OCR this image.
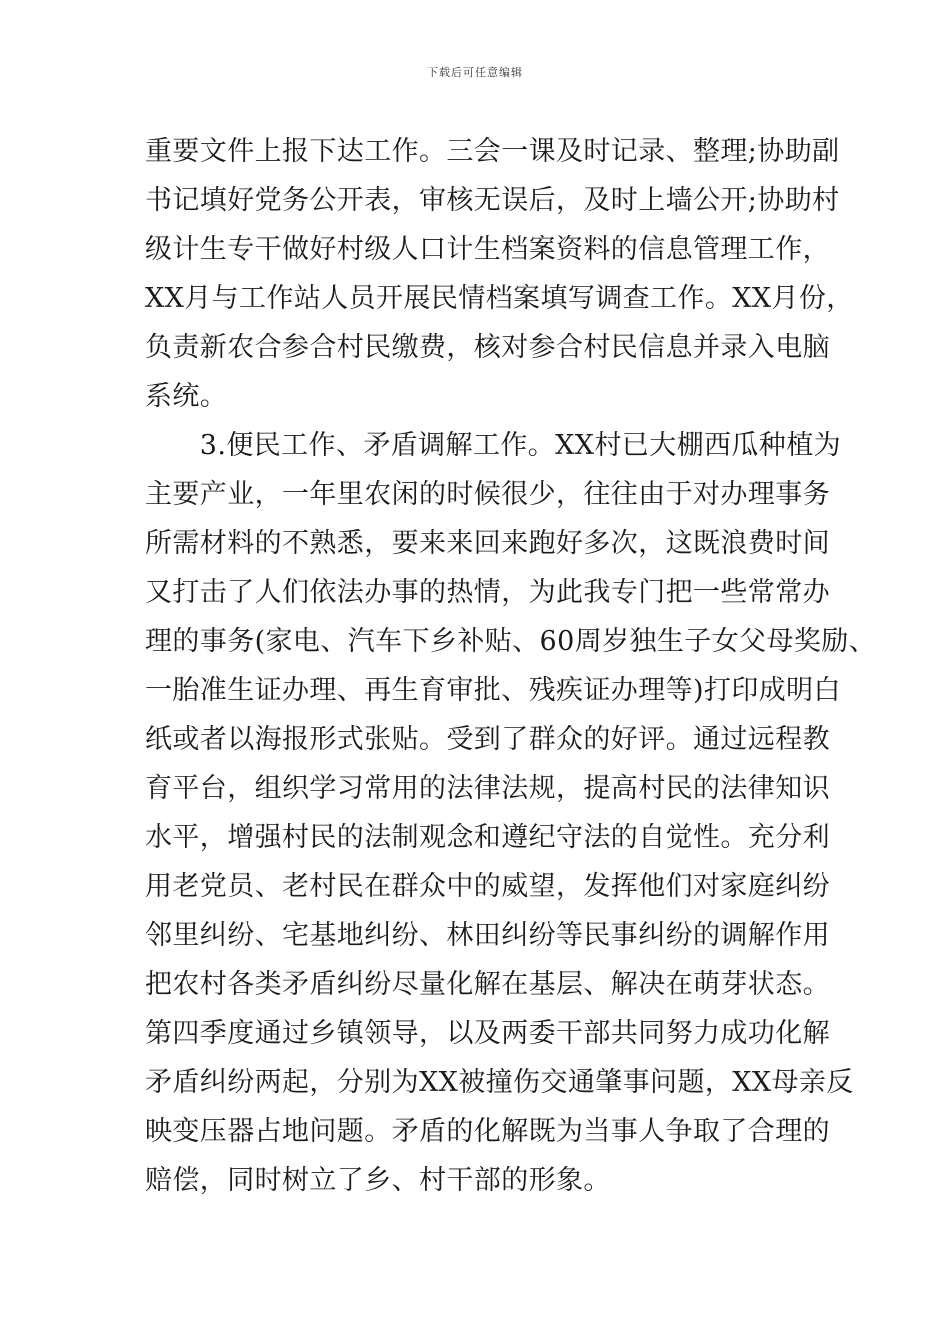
下载后可任意编辑
重要文件上报下达工作。三会一课及时记录、整理;协助副
书记填好党务公开表，审核无误后，及时上墙公开;协助村
级计生专干做好村级人口计生档案资料的信息管理工作，
XX月与工作站人员开展民情档案填写调查工作。XX月份，
负责新农合参合村民缴费，核对参合村民信息并录入电脑
系统。
　　3.便民工作、矛盾调解工作。XX村已大棚西瓜种植为
主要产业，一年里农闲的时候很少，往往由于对办理事务
所需材料的不熟悉，要来来回来跑好多次，这既浪费时间
又打击了人们依法办事的热情，为此我专门把一些常常办
理的事务(家电、汽车下乡补贴、60周岁独生子女父母奖励、
一胎准生证办理、再生育审批、残疾证办理等)打印成明白
纸或者以海报形式张贴。受到了群众的好评。通过远程教
育平台，组织学习常用的法律法规，提高村民的法律知识
水平，增强村民的法制观念和遵纪守法的自觉性。充分利
用老党员、老村民在群众中的威望，发挥他们对家庭纠纷
邻里纠纷、宅基地纠纷、林田纠纷等民事纠纷的调解作用
把农村各类矛盾纠纷尽量化解在基层、解决在萌芽状态。
第四季度通过乡镇领导，以及两委干部共同努力成功化解
矛盾纠纷两起，分别为XX被撞伤交通肇事问题，XX母亲反
映变压器占地问题。矛盾的化解既为当事人争取了合理的
赔偿，同时树立了乡、村干部的形象。
